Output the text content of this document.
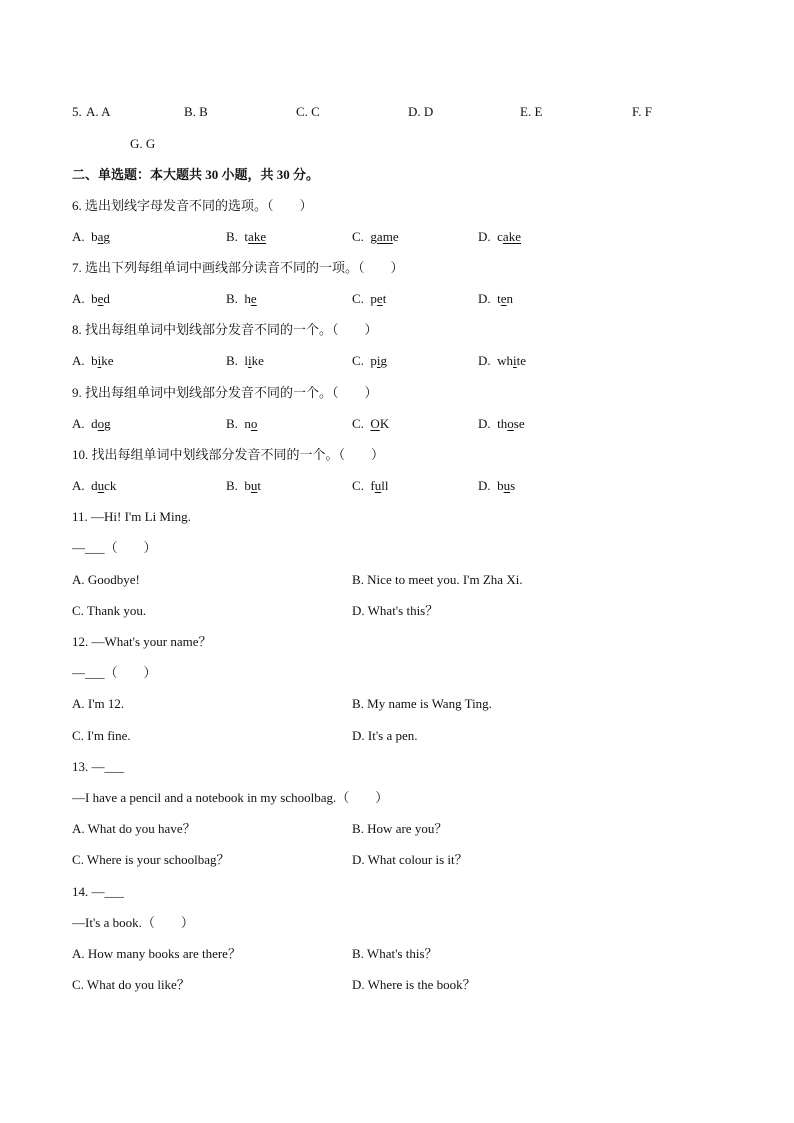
5. A. A	B. B	C. C	D. D	E. E	F. F
G. G
二、单选题：本大题共 30 小题，共 30 分。
6. 选出划线字母发音不同的选项。（　　）
A. bag	B. take	C. game	D. cake
7. 选出下列每组单词中画线部分读音不同的一项。（　　）
A. bed	B. he	C. pet	D. ten
8. 找出每组单词中划线部分发音不同的一个。（　　）
A. bike	B. like	C. pig	D. white
9. 找出每组单词中划线部分发音不同的一个。（　　）
A. dog	B. no	C. OK	D. those
10. 找出每组单词中划线部分发音不同的一个。（　　）
A. duck	B. but	C. full	D. bus
11. —Hi! I'm Li Ming.
—___（　　）
A. Goodbye!	B. Nice to meet you. I'm Zha Xi.
C. Thank you.	D. What's this？
12. —What's your name？
—___（　　）
A. I'm 12.	B. My name is Wang Ting.
C. I'm fine.	D. It's a pen.
13. —___
—I have a pencil and a notebook in my schoolbag.（　　）
A. What do you have？	B. How are you？
C. Where is your schoolbag？	D. What colour is it？
14. —___
—It's a book.（　　）
A. How many books are there？	B. What's this？
C. What do you like？	D. Where is the book？
